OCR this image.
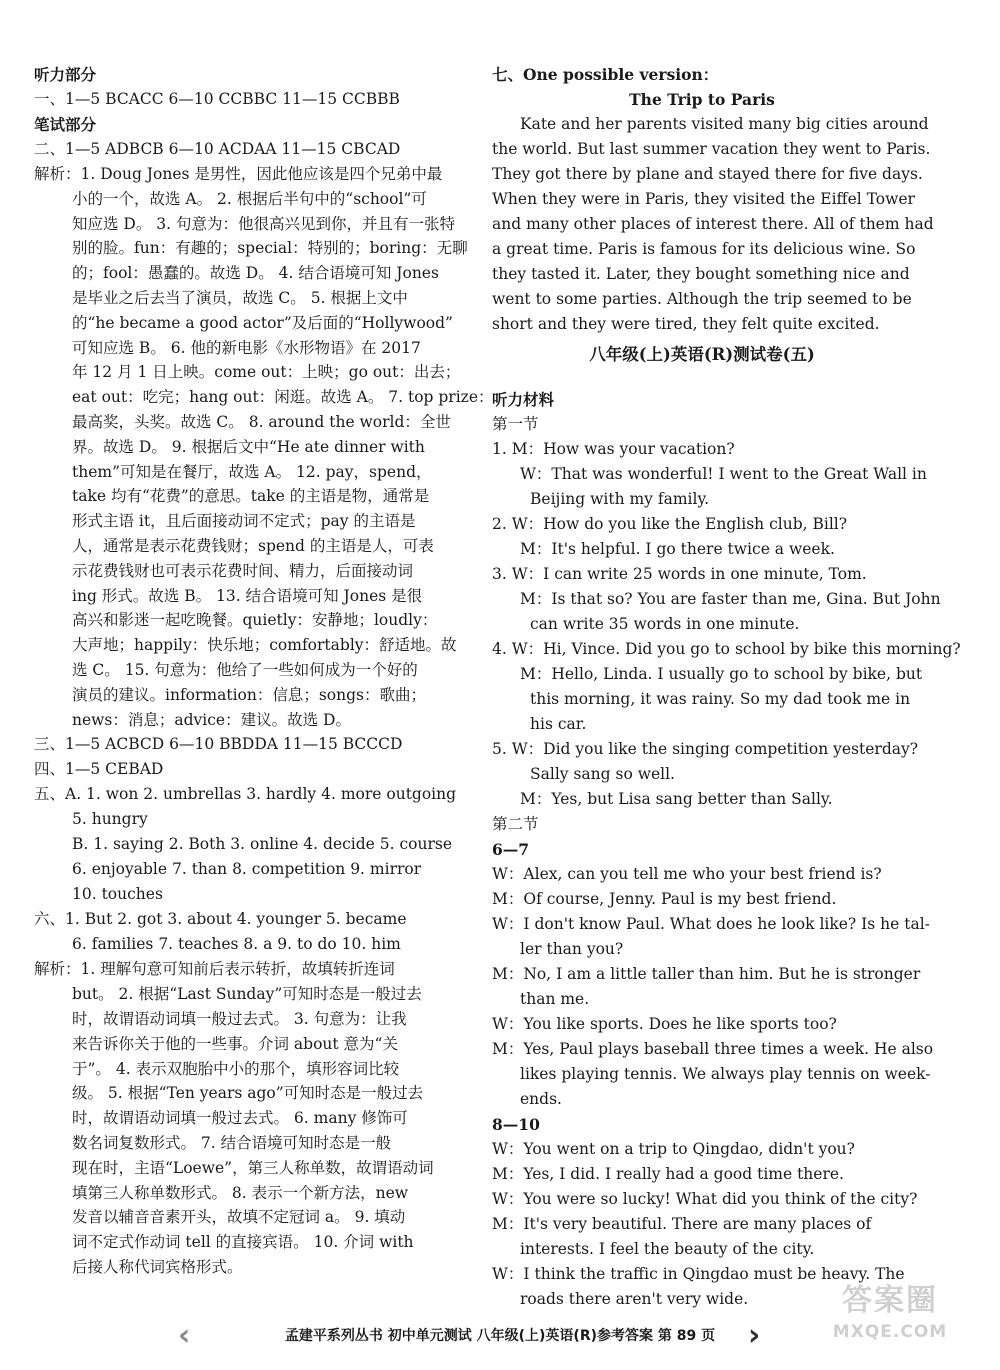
听力部分
一、1—5 BCACC 6—10 CCBBC 11—15 CCBBB
笔试部分
二、1—5 ADBCB 6—10 ACDAA 11—15 CBCAD
解析：1. Doug Jones 是男性，因此他应该是四个兄弟中最
小的一个，故选 A。 2. 根据后半句中的“school”可
知应选 D。 3. 句意为：他很高兴见到你，并且有一张特
别的脸。fun：有趣的；special：特别的；boring：无聊
的；fool：愚蠢的。故选 D。 4. 结合语境可知 Jones
是毕业之后去当了演员，故选 C。 5. 根据上文中
的“he became a good actor”及后面的“Hollywood”
可知应选 B。 6. 他的新电影《水形物语》在 2017
年 12 月 1 日上映。come out：上映；go out：出去；
eat out：吃完；hang out：闲逛。故选 A。 7. top prize：
最高奖，头奖。故选 C。 8. around the world：全世
界。故选 D。 9. 根据后文中“He ate dinner with
them”可知是在餐厅，故选 A。 12. pay，spend，
take 均有“花费”的意思。take 的主语是物，通常是
形式主语 it，且后面接动词不定式；pay 的主语是
人，通常是表示花费钱财；spend 的主语是人，可表
示花费钱财也可表示花费时间、精力，后面接动词
ing 形式。故选 B。 13. 结合语境可知 Jones 是很
高兴和影迷一起吃晚餐。quietly：安静地；loudly：
大声地；happily：快乐地；comfortably：舒适地。故
选 C。 15. 句意为：他给了一些如何成为一个好的
演员的建议。information：信息；songs：歌曲；
news：消息；advice：建议。故选 D。
三、1—5 ACBCD 6—10 BBDDA 11—15 BCCCD
四、1—5 CEBAD
五、A. 1. won 2. umbrellas 3. hardly 4. more outgoing
5. hungry
B. 1. saying 2. Both 3. online 4. decide 5. course
6. enjoyable 7. than 8. competition 9. mirror
10. touches
六、1. But 2. got 3. about 4. younger 5. became
6. families 7. teaches 8. a 9. to do 10. him
解析：1. 理解句意可知前后表示转折，故填转折连词
but。 2. 根据“Last Sunday”可知时态是一般过去
时，故谓语动词填一般过去式。 3. 句意为：让我
来告诉你关于他的一些事。介词 about 意为“关
于”。 4. 表示双胞胎中小的那个，填形容词比较
级。 5. 根据“Ten years ago”可知时态是一般过去
时，故谓语动词填一般过去式。 6. many 修饰可
数名词复数形式。 7. 结合语境可知时态是一般
现在时，主语“Loewe”，第三人称单数，故谓语动词
填第三人称单数形式。 8. 表示一个新方法，new
发音以辅音音素开头，故填不定冠词 a。 9. 填动
词不定式作动词 tell 的直接宾语。 10. 介词 with
后接人称代词宾格形式。
七、One possible version：
The Trip to Paris
Kate and her parents visited many big cities around
the world. But last summer vacation they went to Paris.
They got there by plane and stayed there for five days.
When they were in Paris, they visited the Eiffel Tower
and many other places of interest there. All of them had
a great time. Paris is famous for its delicious wine. So
they tasted it. Later, they bought something nice and
went to some parties. Although the trip seemed to be
short and they were tired, they felt quite excited.
八年级(上)英语(R)测试卷(五)
听力材料
第一节
1. M：How was your vacation?
W：That was wonderful! I went to the Great Wall in
Beijing with my family.
2. W：How do you like the English club, Bill?
M：It's helpful. I go there twice a week.
3. W：I can write 25 words in one minute, Tom.
M：Is that so? You are faster than me, Gina. But John
can write 35 words in one minute.
4. W：Hi, Vince. Did you go to school by bike this morning?
M：Hello, Linda. I usually go to school by bike, but
this morning, it was rainy. So my dad took me in
his car.
5. W：Did you like the singing competition yesterday?
Sally sang so well.
M：Yes, but Lisa sang better than Sally.
第二节
6—7
W：Alex, can you tell me who your best friend is?
M：Of course, Jenny. Paul is my best friend.
W：I don't know Paul. What does he look like? Is he tal-
ler than you?
M：No, I am a little taller than him. But he is stronger
than me.
W：You like sports. Does he like sports too?
M：Yes, Paul plays baseball three times a week. He also
likes playing tennis. We always play tennis on week-
ends.
8—10
W：You went on a trip to Qingdao, didn't you?
M：Yes, I did. I really had a good time there.
W：You were so lucky! What did you think of the city?
M：It's very beautiful. There are many places of
interests. I feel the beauty of the city.
W：I think the traffic in Qingdao must be heavy. The
roads there aren't very wide.
‹	孟建平系列丛书 初中单元测试 八年级(上)英语(R)参考答案 第 89 页 ›
答案圈
MXQE.COM
